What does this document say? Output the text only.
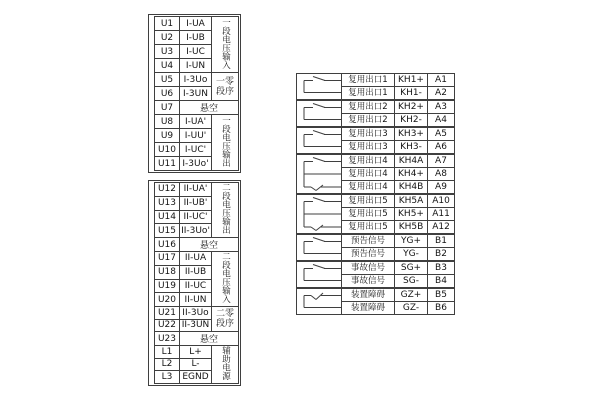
U1	I-UA	一段电压输入
U2	I-UB	
U3	I-UC	
U4	I-UN	
U5	I-3Uo	一零
段序

U6	I-3UN	
U7	悬空	
U8	I-UA'	一段电压输出
U9	I-UU'	
U10	I-UC'	
U11	I-3Uo'	
U12	II-UA'	二段电压输出
U13	II-UB'	
U14	II-UC'	
U15	II-3Uo'	
U16	悬空	
U17	II-UA	二段电压输入
U18	II-UB	
U19	II-UC	
U20	II-UN	
U21	II-3Uo	二零
段序

U22	II-3UN	
U23	悬空	
L1	L+	辅助电源
L2	L-	
L3	EGND	
复用出口1	KH1+	A1
复用出口1	KH1-	A2
复用出口2	KH2+	A3
复用出口2	KH2-	A4
复用出口3	KH3+	A5
复用出口3	KH3-	A6
复用出口4	KH4A	A7
复用出口4	KH4+	A8
复用出口4	KH4B	A9
复用出口5	KH5A A10
复用出口5	KH5+ A11
复用出口5	KH5B A12
预告信号	YG+	B1
预告信号	YG-	B2
事故信号	SG+	B3
事故信号	SG-	B4
装置障碍	GZ+	B5
装置障碍	GZ-	B6
